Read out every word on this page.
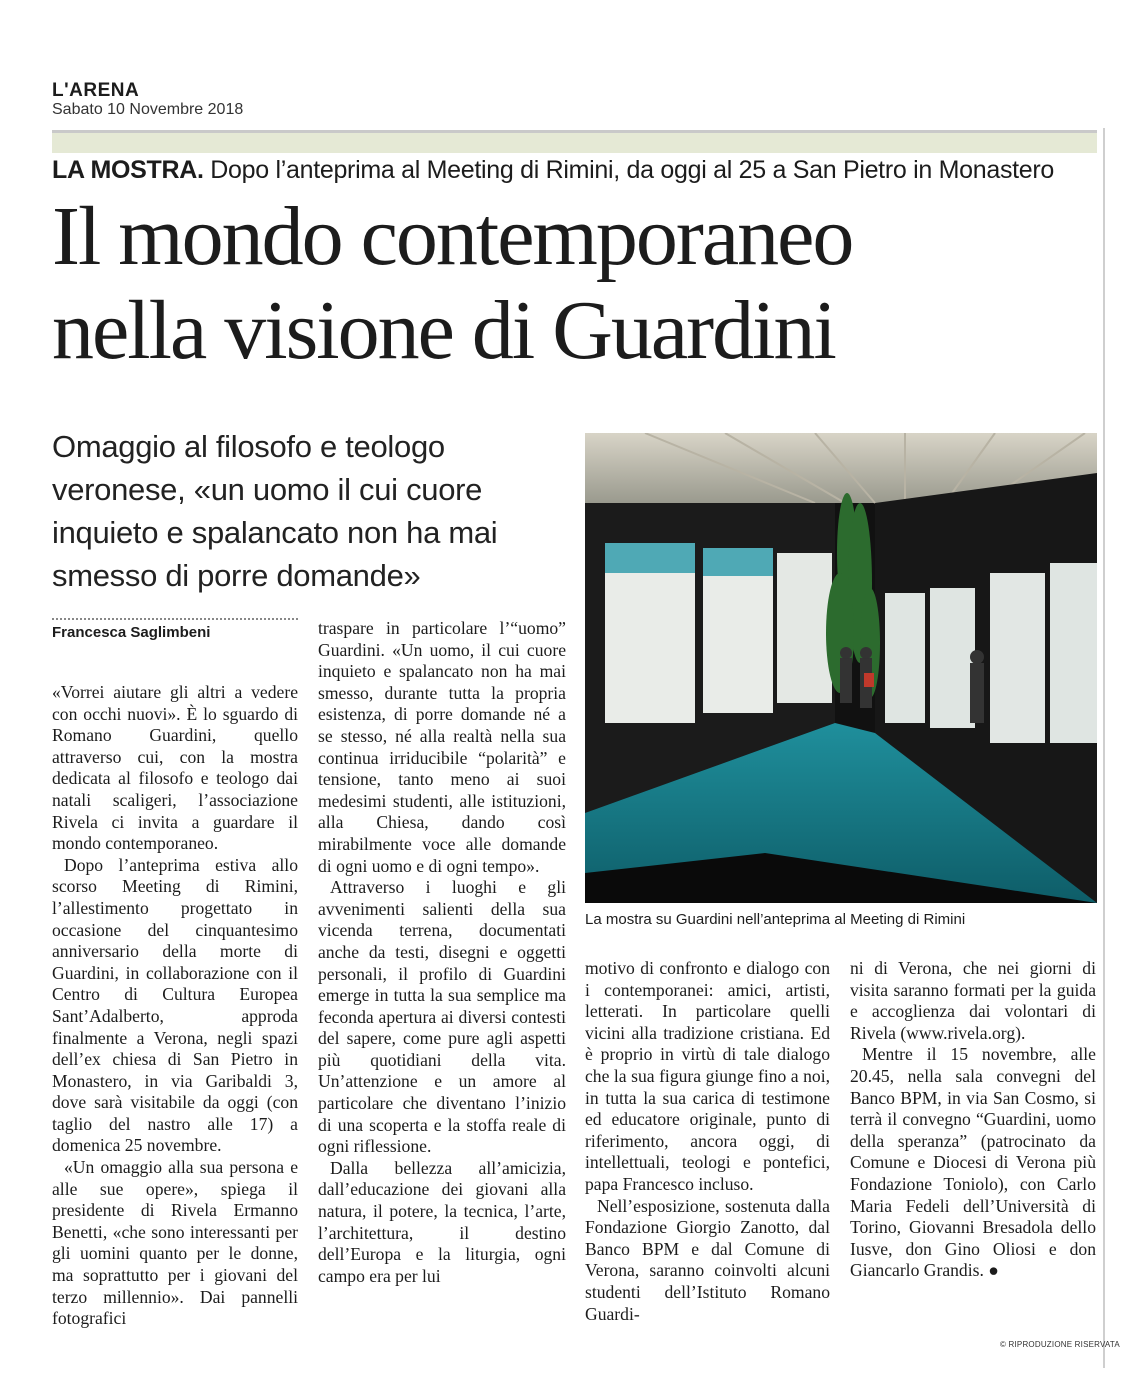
L'ARENA
Sabato 10 Novembre 2018
LA MOSTRA. Dopo l’anteprima al Meeting di Rimini, da oggi al 25 a San Pietro in Monastero
Il mondo contemporaneo
nella visione di Guardini
Omaggio al filosofo e teologo veronese, «un uomo il cui cuore inquieto e spalancato non ha mai smesso di porre domande»
La mostra su Guardini nell’anteprima al Meeting di Rimini
Francesca Saglimbeni

«Vorrei aiutare gli altri a vedere con occhi nuovi». È lo sguardo di Romano Guardini, quello attraverso cui, con la mostra dedicata al filosofo e teologo dai natali scaligeri, l’associazione Rivela ci invita a guardare il mondo contemporaneo.

Dopo l’anteprima estiva allo scorso Meeting di Rimini, l’allestimento progettato in occasione del cinquantesimo anniversario della morte di Guardini, in collaborazione con il Centro di Cultura Europea Sant’Adalberto, approda finalmente a Verona, negli spazi dell’ex chiesa di San Pietro in Monastero, in via Garibaldi 3, dove sarà visitabile da oggi (con taglio del nastro alle 17) a domenica 25 novembre.

«Un omaggio alla sua persona e alle sue opere», spiega il presidente di Rivela Ermanno Benetti, «che sono interessanti per gli uomini quanto per le donne, ma soprattutto per i giovani del terzo millennio». Dai pannelli fotografici

traspare in particolare l’“uomo” Guardini. «Un uomo, il cui cuore inquieto e spalancato non ha mai smesso, durante tutta la propria esistenza, di porre domande né a se stesso, né alla realtà nella sua continua irriducibile “polarità” e tensione, tanto meno ai suoi medesimi studenti, alle istituzioni, alla Chiesa, dando così mirabilmente voce alle domande di ogni uomo e di ogni tempo».

Attraverso i luoghi e gli avvenimenti salienti della sua vicenda terrena, documentati anche da testi, disegni e oggetti personali, il profilo di Guardini emerge in tutta la sua semplice ma feconda apertura ai diversi contesti del sapere, come pure agli aspetti più quotidiani della vita. Un’attenzione e un amore al particolare che diventano l’inizio di una scoperta e la stoffa reale di ogni riflessione.

Dalla bellezza all’amicizia, dall’educazione dei giovani alla natura, il potere, la tecnica, l’arte, l’architettura, il destino dell’Europa e la liturgia, ogni campo era per lui

motivo di confronto e dialogo con i contemporanei: amici, artisti, letterati. In particolare quelli vicini alla tradizione cristiana. Ed è proprio in virtù di tale dialogo che la sua figura giunge fino a noi, in tutta la sua carica di testimone ed educatore originale, punto di riferimento, ancora oggi, di intellettuali, teologi e pontefici, papa Francesco incluso.

Nell’esposizione, sostenuta dalla Fondazione Giorgio Zanotto, dal Banco BPM e dal Comune di Verona, saranno coinvolti alcuni studenti dell’Istituto Romano Guardi-

ni di Verona, che nei giorni di visita saranno formati per la guida e accoglienza dai volontari di Rivela (www.rivela.org).

Mentre il 15 novembre, alle 20.45, nella sala convegni del Banco BPM, in via San Cosmo, si terrà il convegno “Guardini, uomo della speranza” (patrocinato da Comune e Diocesi di Verona più Fondazione Toniolo), con Carlo Maria Fedeli dell’Università di Torino, Giovanni Bresadola dello Iusve, don Gino Oliosi e don Giancarlo Grandis. ●

© RIPRODUZIONE RISERVATA
